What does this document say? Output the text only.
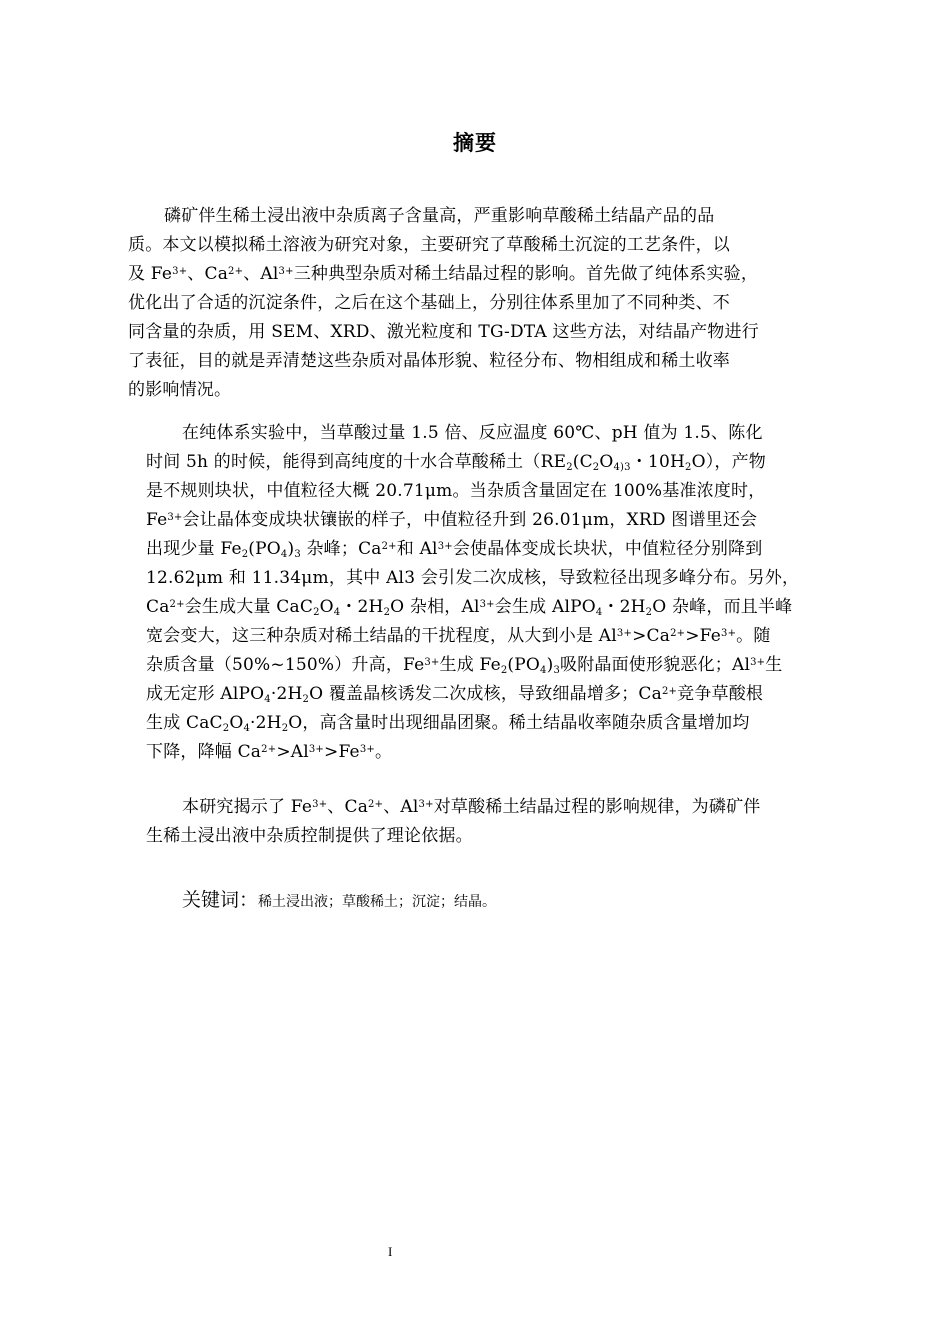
摘要
磷矿伴生稀土浸出液中杂质离子含量高，严重影响草酸稀土结晶产品的品
质。本文以模拟稀土溶液为研究对象，主要研究了草酸稀土沉淀的工艺条件，以
及 $Fe^{3+}$、$Ca^{2+}$、$Al^{3+}$三种典型杂质对稀土结晶过程的影响。首先做了纯体系实验，
优化出了合适的沉淀条件，之后在这个基础上，分别往体系里加了不同种类、不
同含量的杂质，用 SEM、XRD、激光粒度和 TG-DTA 这些方法，对结晶产物进行
了表征，目的就是弄清楚这些杂质对晶体形貌、粒径分布、物相组成和稀土收率
的影响情况。
在纯体系实验中，当草酸过量 1.5 倍、反应温度 60℃、pH 值为 1.5、陈化
时间 5h 的时候，能得到高纯度的十水合草酸稀土（$RE_2(C_2O_{4)3}$・$10H_2O$），产物
是不规则块状，中值粒径大概 20.71μm。当杂质含量固定在 100%基准浓度时，
$Fe^{3+}$会让晶体变成块状镶嵌的样子，中值粒径升到 26.01μm，XRD 图谱里还会
出现少量 $Fe_2(PO_4)_3$ 杂峰；$Ca^{2+}$和 $Al^{3+}$会使晶体变成长块状，中值粒径分别降到
12.62μm 和 11.34μm，其中 Al3 会引发二次成核，导致粒径出现多峰分布。另外，
$Ca^{2+}$会生成大量 $CaC_2O_4$・$2H_2O$ 杂相，$Al^{3+}$会生成 AlPO$_4$・$2H_2O$ 杂峰，而且半峰
宽会变大，这三种杂质对稀土结晶的干扰程度，从大到小是 $Al^{3+}>Ca^{2+}>Fe^{3+}$。随
杂质含量（50%~150%）升高，$Fe^{3+}$生成 $Fe_2(PO_4)_3$吸附晶面使形貌恶化；$Al^{3+}$生
成无定形 $AlPO_4\cdot 2H_2O$ 覆盖晶核诱发二次成核，导致细晶增多；$Ca^{2+}$竞争草酸根
生成 $CaC_2O_4\cdot 2H_2O$，高含量时出现细晶团聚。稀土结晶收率随杂质含量增加均
下降，降幅 $Ca^{2+}>Al^{3+}>Fe^{3+}$。
本研究揭示了 $Fe^{3+}$、$Ca^{2+}$、$Al^{3+}$对草酸稀土结晶过程的影响规律，为磷矿伴
生稀土浸出液中杂质控制提供了理论依据。
关键词：稀土浸出液；草酸稀土；沉淀；结晶。
I
